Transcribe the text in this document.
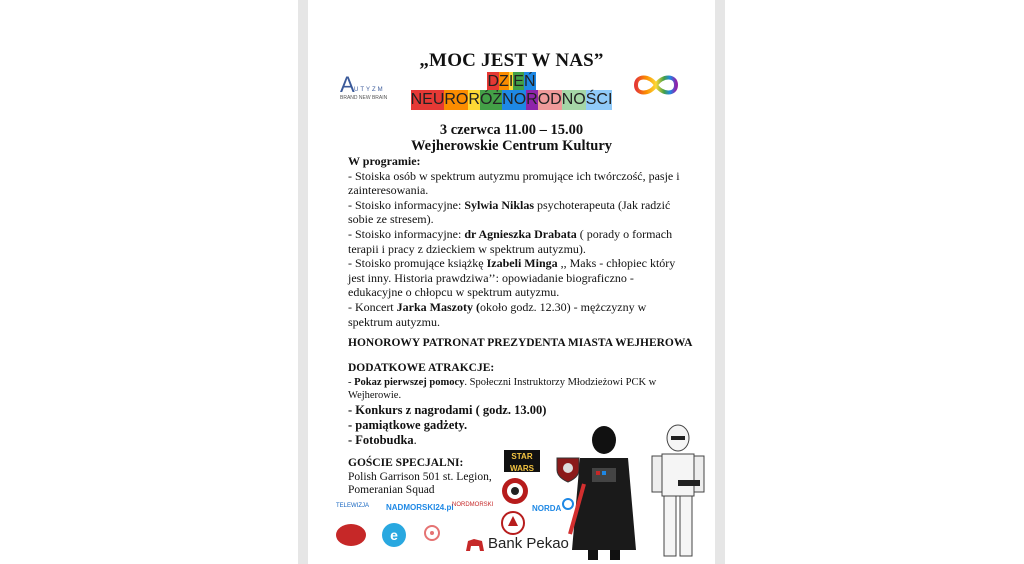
A UTYZM
BRAND NEW BRAIN
„MOC JEST W NAS”
DZIEŃ
NEURORÓŻNORODNOŚCI
3 czerwca 11.00 – 15.00
Wejherowskie Centrum Kultury

W programie:

- Stoiska osób w spektrum autyzmu promujące ich twórczość, pasje i zainteresowania.

- Stoisko informacyjne: Sylwia Niklas psychoterapeuta (Jak radzić sobie ze stresem).

- Stoisko informacyjne: dr Agnieszka Drabata ( porady o formach terapii i pracy z dzieckiem w spektrum autyzmu).

- Stoisko promujące książkę Izabeli Minga ,, Maks - chłopiec który jest inny. Historia prawdziwa’’: opowiadanie biograficzno - edukacyjne o chłopcu w spektrum autyzmu.

- Koncert Jarka Maszoty (około godz. 12.30) - mężczyzny w spektrum autyzmu.

HONOROWY PATRONAT PREZYDENTA MIASTA WEJHEROWA

DODATKOWE ATRAKCJE:

- Pokaz pierwszej pomocy. Społeczni Instruktorzy Młodzieżowi PCK w Wejherowie.

- Konkurs z nagrodami ( godz. 13.00)

- pamiątkowe gadżety.

- Fotobudka.

GOŚCIE SPECJALNI:

Polish Garrison 501 st. Legion, Pomeranian Squad

STAR
WARS
NORDA
TELEWIZJA NADMORSKI24.pl
NORDMORSKI
e	Bank Pekao
